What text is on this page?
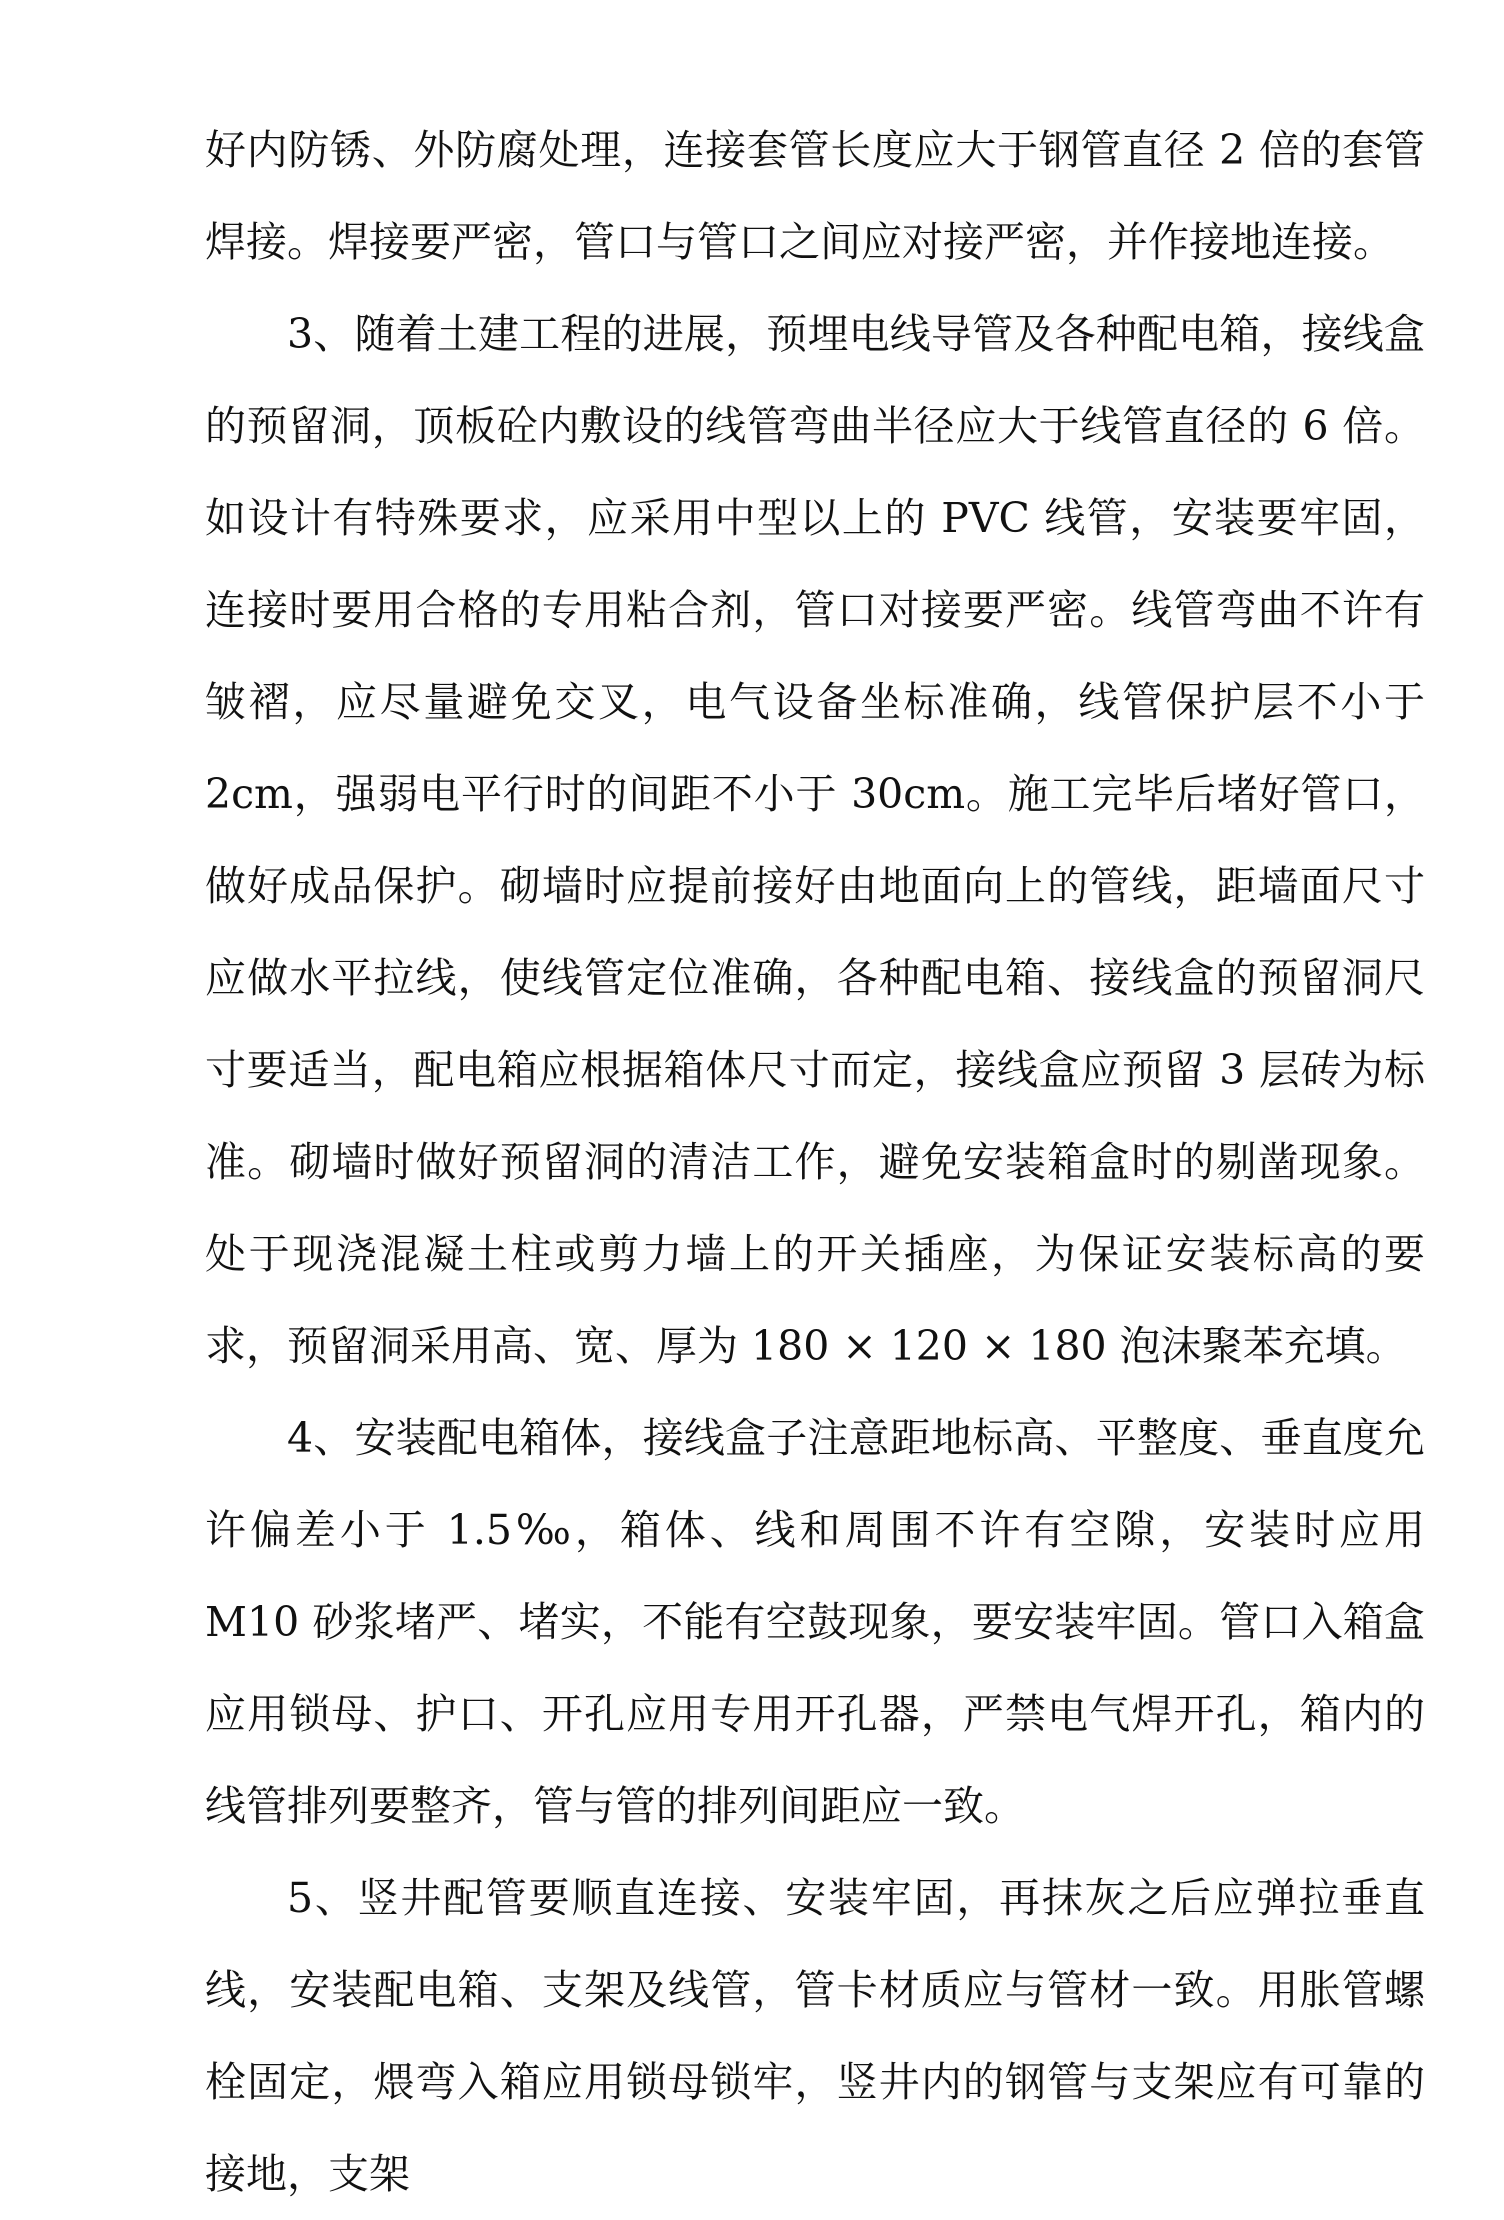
好内防锈、外防腐处理，连接套管长度应大于钢管直径 2 倍的套管焊接。焊接要严密，管口与管口之间应对接严密，并作接地连接。

3、随着土建工程的进展，预埋电线导管及各种配电箱，接线盒的预留洞，顶板砼内敷设的线管弯曲半径应大于线管直径的 6 倍。如设计有特殊要求，应采用中型以上的 PVC 线管，安装要牢固，连接时要用合格的专用粘合剂，管口对接要严密。线管弯曲不许有皱褶，应尽量避免交叉，电气设备坐标准确，线管保护层不小于 2cm，强弱电平行时的间距不小于 30cm。施工完毕后堵好管口，做好成品保护。砌墙时应提前接好由地面向上的管线，距墙面尺寸应做水平拉线，使线管定位准确，各种配电箱、接线盒的预留洞尺寸要适当，配电箱应根据箱体尺寸而定，接线盒应预留 3 层砖为标准。砌墙时做好预留洞的清洁工作，避免安装箱盒时的剔凿现象。处于现浇混凝土柱或剪力墙上的开关插座，为保证安装标高的要求，预留洞采用高、宽、厚为 180 × 120 × 180 泡沫聚苯充填。

4、安装配电箱体，接线盒子注意距地标高、平整度、垂直度允许偏差小于 1.5‰，箱体、线和周围不许有空隙，安装时应用 M10 砂浆堵严、堵实，不能有空鼓现象，要安装牢固。管口入箱盒应用锁母、护口、开孔应用专用开孔器，严禁电气焊开孔，箱内的线管排列要整齐，管与管的排列间距应一致。

5、竖井配管要顺直连接、安装牢固，再抹灰之后应弹拉垂直线，安装配电箱、支架及线管，管卡材质应与管材一致。用胀管螺栓固定，煨弯入箱应用锁母锁牢，竖井内的钢管与支架应有可靠的接地，支架
